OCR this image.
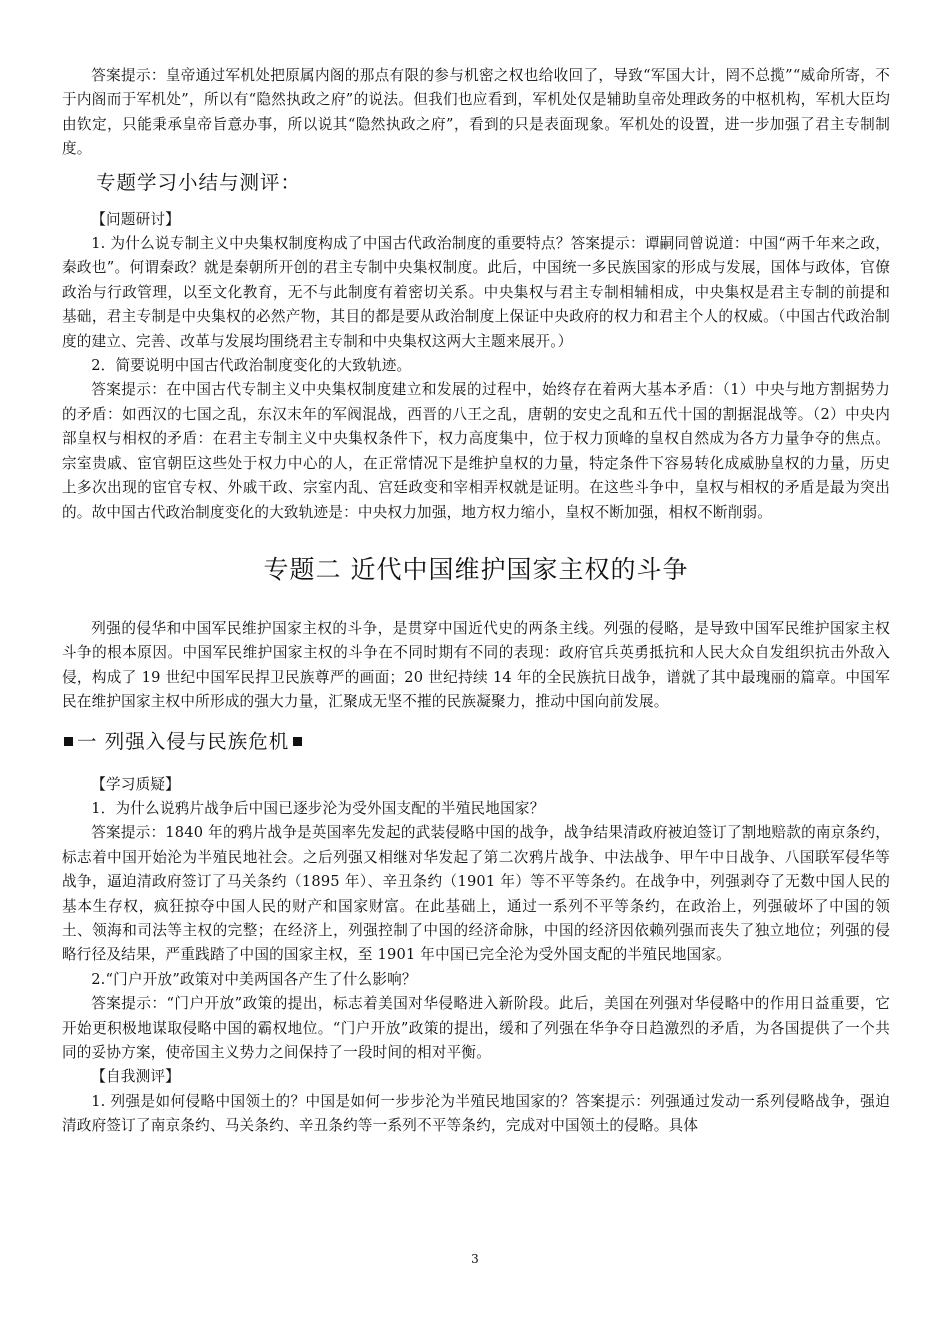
答案提示：皇帝通过军机处把原属内阁的那点有限的参与机密之权也给收回了，导致“军国大计，罔不总揽”“威命所寄，不于内阁而于军机处”，所以有“隐然执政之府”的说法。但我们也应看到，军机处仅是辅助皇帝处理政务的中枢机构，军机大臣均由钦定，只能秉承皇帝旨意办事，所以说其“隐然执政之府”，看到的只是表面现象。军机处的设置，进一步加强了君主专制制度。

专题学习小结与测评：

【问题研讨】

1. 为什么说专制主义中央集权制度构成了中国古代政治制度的重要特点？答案提示：谭嗣同曾说道：中国“两千年来之政，秦政也”。何谓秦政？就是秦朝所开创的君主专制中央集权制度。此后，中国统一多民族国家的形成与发展，国体与政体，官僚政治与行政管理，以至文化教育，无不与此制度有着密切关系。中央集权与君主专制相辅相成，中央集权是君主专制的前提和基础，君主专制是中央集权的必然产物，其目的都是要从政治制度上保证中央政府的权力和君主个人的权威。（中国古代政治制度的建立、完善、改革与发展均围绕君主专制和中央集权这两大主题来展开。）

2．简要说明中国古代政治制度变化的大致轨迹。

答案提示：在中国古代专制主义中央集权制度建立和发展的过程中，始终存在着两大基本矛盾：（1）中央与地方割据势力的矛盾：如西汉的七国之乱，东汉末年的军阀混战，西晋的八王之乱，唐朝的安史之乱和五代十国的割据混战等。（2）中央内部皇权与相权的矛盾：在君主专制主义中央集权条件下，权力高度集中，位于权力顶峰的皇权自然成为各方力量争夺的焦点。宗室贵戚、宦官朝臣这些处于权力中心的人，在正常情况下是维护皇权的力量，特定条件下容易转化成威胁皇权的力量，历史上多次出现的宦官专权、外戚干政、宗室内乱、宫廷政变和宰相弄权就是证明。在这些斗争中，皇权与相权的矛盾是最为突出的。故中国古代政治制度变化的大致轨迹是：中央权力加强，地方权力缩小，皇权不断加强，相权不断削弱。

专题二 近代中国维护国家主权的斗争

列强的侵华和中国军民维护国家主权的斗争，是贯穿中国近代史的两条主线。列强的侵略，是导致中国军民维护国家主权斗争的根本原因。中国军民维护国家主权的斗争在不同时期有不同的表现：政府官兵英勇抵抗和人民大众自发组织抗击外敌入侵，构成了 19 世纪中国军民捍卫民族尊严的画面；20 世纪持续 14 年的全民族抗日战争，谱就了其中最瑰丽的篇章。中国军民在维护国家主权中所形成的强大力量，汇聚成无坚不摧的民族凝聚力，推动中国向前发展。

一 列强入侵与民族危机

【学习质疑】

1．为什么说鸦片战争后中国已逐步沦为受外国支配的半殖民地国家？

答案提示：1840 年的鸦片战争是英国率先发起的武装侵略中国的战争，战争结果清政府被迫签订了割地赔款的南京条约，标志着中国开始沦为半殖民地社会。之后列强又相继对华发起了第二次鸦片战争、中法战争、甲午中日战争、八国联军侵华等战争，逼迫清政府签订了马关条约（1895 年）、辛丑条约（1901 年）等不平等条约。在战争中，列强剥夺了无数中国人民的基本生存权，疯狂掠夺中国人民的财产和国家财富。在此基础上，通过一系列不平等条约，在政治上，列强破坏了中国的领土、领海和司法等主权的完整；在经济上，列强控制了中国的经济命脉，中国的经济因依赖列强而丧失了独立地位；列强的侵略行径及结果，严重践踏了中国的国家主权，至 1901 年中国已完全沦为受外国支配的半殖民地国家。

2.“门户开放”政策对中美两国各产生了什么影响？

答案提示：“门户开放”政策的提出，标志着美国对华侵略进入新阶段。此后，美国在列强对华侵略中的作用日益重要，它开始更积极地谋取侵略中国的霸权地位。“门户开放”政策的提出，缓和了列强在华争夺日趋激烈的矛盾，为各国提供了一个共同的妥协方案，使帝国主义势力之间保持了一段时间的相对平衡。

【自我测评】

1. 列强是如何侵略中国领土的？中国是如何一步步沦为半殖民地国家的？答案提示：列强通过发动一系列侵略战争，强迫清政府签订了南京条约、马关条约、辛丑条约等一系列不平等条约，完成对中国领土的侵略。具体

3
